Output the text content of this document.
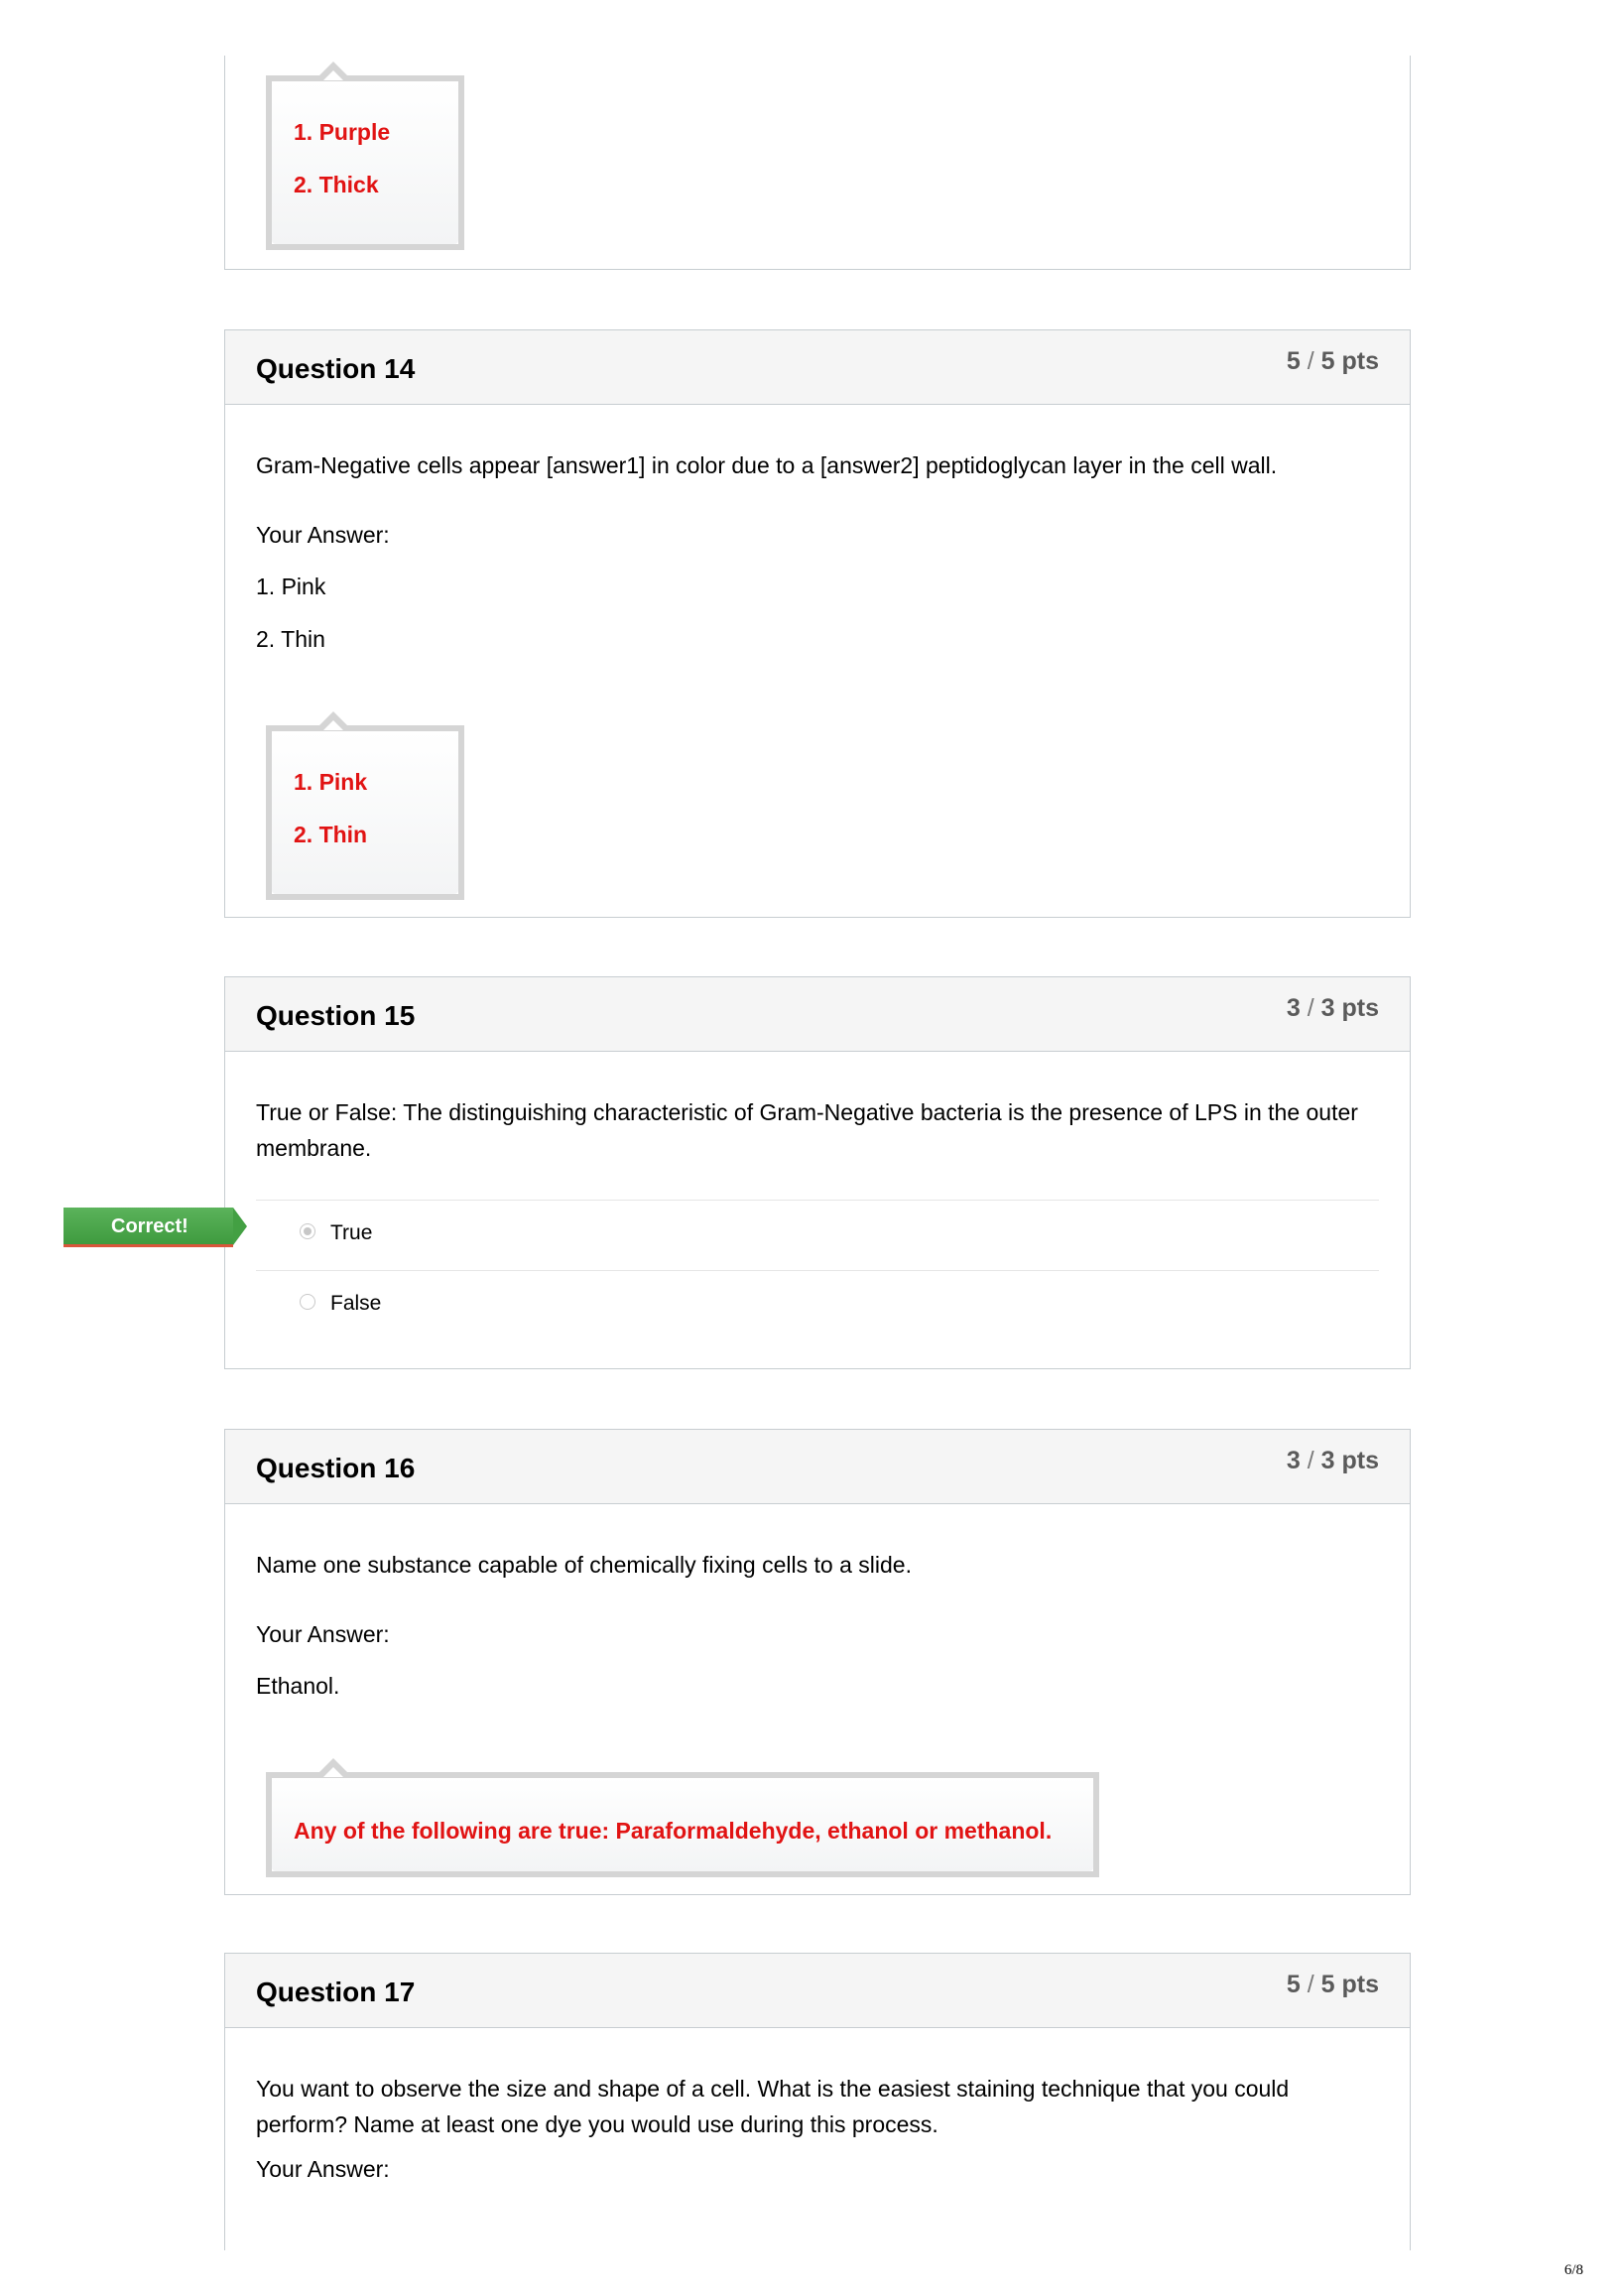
1. Purple
2. Thick
Question 14	5 / 5 pts
Gram-Negative cells appear [answer1] in color due to a [answer2] peptidoglycan layer in the cell wall.
Your Answer:
1. Pink
2. Thin
1. Pink
2. Thin
Question 15	3 / 3 pts
True or False: The distinguishing characteristic of Gram-Negative bacteria is the presence of LPS in the outer membrane.
True
False
Correct!
Question 16	3 / 3 pts
Name one substance capable of chemically fixing cells to a slide.
Your Answer:
Ethanol.
Any of the following are true: Paraformaldehyde, ethanol or methanol.
Question 17	5 / 5 pts
You want to observe the size and shape of a cell. What is the easiest staining technique that you could perform? Name at least one dye you would use during this process.
Your Answer:
6/8
